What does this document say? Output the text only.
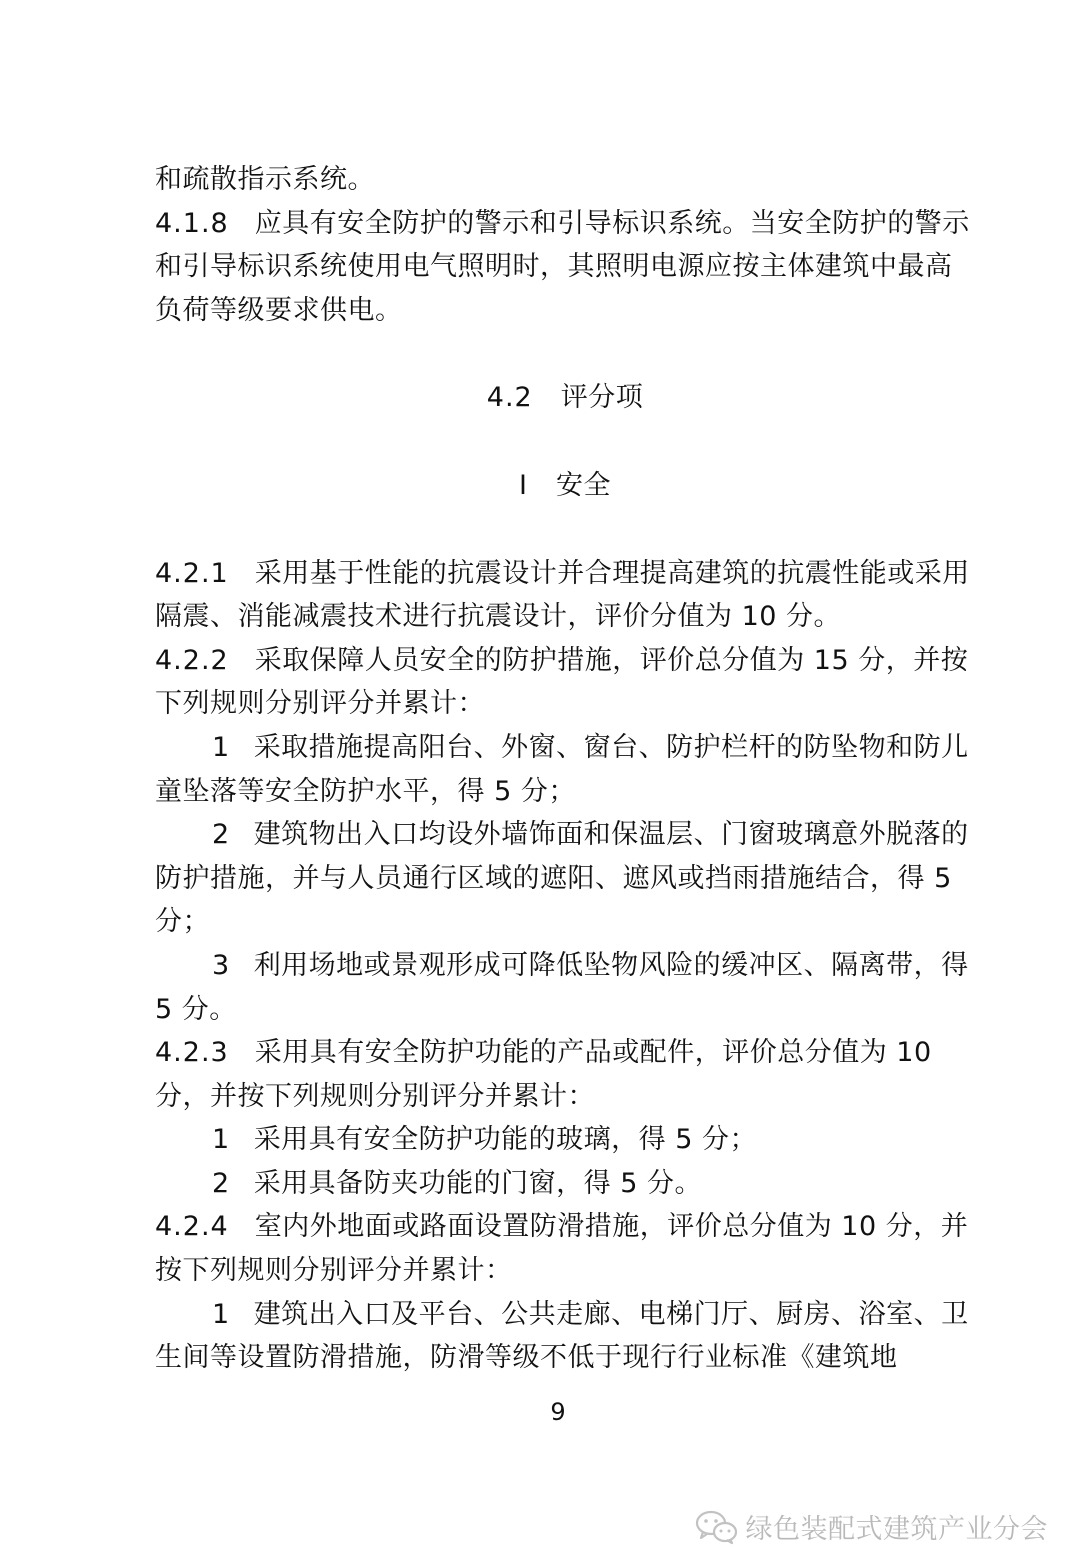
和疏散指示系统。

4.1.8 应具有安全防护的警示和引导标识系统。当安全防护的警示和引导标识系统使用电气照明时，其照明电源应按主体建筑中最高负荷等级要求供电。

4.2 评分项
Ⅰ 安全

4.2.1 采用基于性能的抗震设计并合理提高建筑的抗震性能或采用隔震、消能减震技术进行抗震设计，评价分值为 10 分。

4.2.2 采取保障人员安全的防护措施，评价总分值为 15 分，并按下列规则分别评分并累计：

1 采取措施提高阳台、外窗、窗台、防护栏杆的防坠物和防儿童坠落等安全防护水平，得 5 分；

2 建筑物出入口均设外墙饰面和保温层、门窗玻璃意外脱落的防护措施，并与人员通行区域的遮阳、遮风或挡雨措施结合，得 5 分；

3 利用场地或景观形成可降低坠物风险的缓冲区、隔离带，得 5 分。

4.2.3 采用具有安全防护功能的产品或配件，评价总分值为 10 分，并按下列规则分别评分并累计：

1 采用具有安全防护功能的玻璃，得 5 分；

2 采用具备防夹功能的门窗，得 5 分。

4.2.4 室内外地面或路面设置防滑措施，评价总分值为 10 分，并按下列规则分别评分并累计：

1 建筑出入口及平台、公共走廊、电梯门厅、厨房、浴室、卫生间等设置防滑措施，防滑等级不低于现行行业标准《建筑地

9
绿色装配式建筑产业分会
